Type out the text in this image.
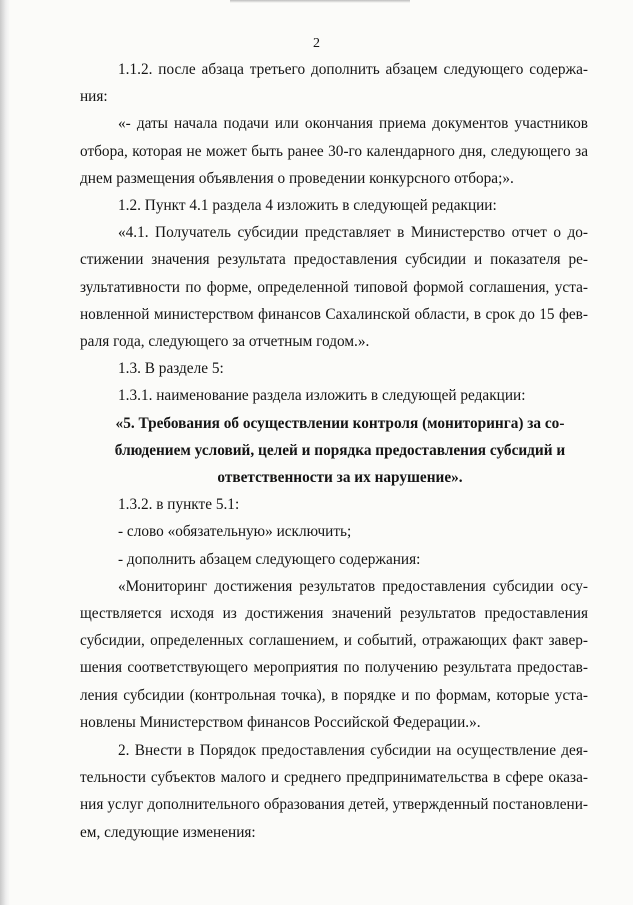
2

1.1.2. после абзаца третьего дополнить абзацем следующего содержания:

«- даты начала подачи или окончания приема документов участников отбора, которая не может быть ранее 30-го календарного дня, следующего за днем размещения объявления о проведении конкурсного отбора;».

1.2. Пункт 4.1 раздела 4 изложить в следующей редакции:

«4.1. Получатель субсидии представляет в Министерство отчет о достижении значения результата предоставления субсидии и показателя результативности по форме, определенной типовой формой соглашения, установленной министерством финансов Сахалинской области, в срок до 15 февраля года, следующего за отчетным годом.».

1.3. В разделе 5:

1.3.1. наименование раздела изложить в следующей редакции:

«5. Требования об осуществлении контроля (мониторинга) за соблюдением условий, целей и порядка предоставления субсидий и ответственности за их нарушение».

1.3.2. в пункте 5.1:

- слово «обязательную» исключить;

- дополнить абзацем следующего содержания:

«Мониторинг достижения результатов предоставления субсидии осуществляется исходя из достижения значений результатов предоставления субсидии, определенных соглашением, и событий, отражающих факт завершения соответствующего мероприятия по получению результата предоставления субсидии (контрольная точка), в порядке и по формам, которые установлены Министерством финансов Российской Федерации.».

2. Внести в Порядок предоставления субсидии на осуществление деятельности субъектов малого и среднего предпринимательства в сфере оказания услуг дополнительного образования детей, утвержденный постановлением, следующие изменения:
